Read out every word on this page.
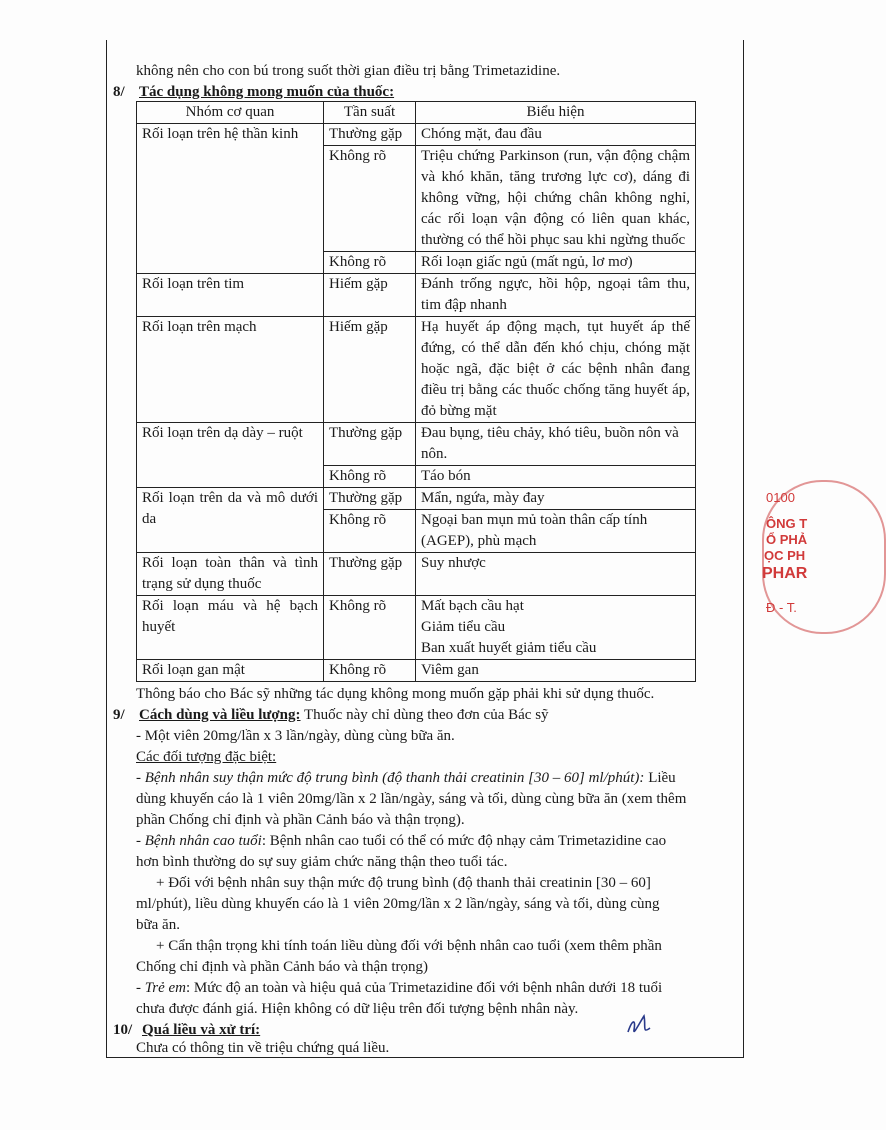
không nên cho con bú trong suốt thời gian điều trị bằng Trimetazidine.
8/ Tác dụng không mong muốn của thuốc:
Nhóm cơ quan	Tần suất	Biểu hiện
Rối loạn trên hệ thần kinh	Thường gặp	Chóng mặt, đau đầu
	Không rõ	Triệu chứng Parkinson (run, vận động chậm và khó khăn, tăng trương lực cơ), dáng đi không vững, hội chứng chân không nghỉ, các rối loạn vận động có liên quan khác, thường có thể hồi phục sau khi ngừng thuốc
	Không rõ	Rối loạn giấc ngủ (mất ngủ, lơ mơ)
Rối loạn trên tim	Hiếm gặp	Đánh trống ngực, hồi hộp, ngoại tâm thu, tim đập nhanh
Rối loạn trên mạch	Hiếm gặp	Hạ huyết áp động mạch, tụt huyết áp thế đứng, có thể dẫn đến khó chịu, chóng mặt hoặc ngã, đặc biệt ở các bệnh nhân đang điều trị bằng các thuốc chống tăng huyết áp, đỏ bừng mặt
Rối loạn trên dạ dày – ruột	Thường gặp	Đau bụng, tiêu chảy, khó tiêu, buồn nôn và nôn.
	Không rõ	Táo bón
Rối loạn trên da và mô dưới da	Thường gặp	Mẩn, ngứa, mày đay
	Không rõ	Ngoại ban mụn mủ toàn thân cấp tính (AGEP), phù mạch
Rối loạn toàn thân và tình trạng sử dụng thuốc	Thường gặp	Suy nhược
Rối loạn máu và hệ bạch huyết	Không rõ	Mất bạch cầu hạt
Giảm tiểu cầu
Ban xuất huyết giảm tiểu cầu

Rối loạn gan mật	Không rõ	Viêm gan
Thông báo cho Bác sỹ những tác dụng không mong muốn gặp phải khi sử dụng thuốc.
9/ Cách dùng và liều lượng: Thuốc này chỉ dùng theo đơn của Bác sỹ
- Một viên 20mg/lần x 3 lần/ngày, dùng cùng bữa ăn.
Các đối tượng đặc biệt:
- Bệnh nhân suy thận mức độ trung bình (độ thanh thải creatinin [30 – 60] ml/phút): Liều
dùng khuyến cáo là 1 viên 20mg/lần x 2 lần/ngày, sáng và tối, dùng cùng bữa ăn (xem thêm
phần Chống chỉ định và phần Cảnh báo và thận trọng).
- Bệnh nhân cao tuổi: Bệnh nhân cao tuổi có thể có mức độ nhạy cảm Trimetazidine cao
hơn bình thường do sự suy giảm chức năng thận theo tuổi tác.
+ Đối với bệnh nhân suy thận mức độ trung bình (độ thanh thải creatinin [30 – 60]
ml/phút), liều dùng khuyến cáo là 1 viên 20mg/lần x 2 lần/ngày, sáng và tối, dùng cùng
bữa ăn.
+ Cẩn thận trọng khi tính toán liều dùng đối với bệnh nhân cao tuổi (xem thêm phần
Chống chỉ định và phần Cảnh báo và thận trọng)
- Trẻ em: Mức độ an toàn và hiệu quả của Trimetazidine đối với bệnh nhân dưới 18 tuổi
chưa được đánh giá. Hiện không có dữ liệu trên đối tượng bệnh nhân này.
10/ Quá liều và xử trí:
Chưa có thông tin về triệu chứng quá liều.
0100
ÔNG T
Ổ PHẢ
ỌC PH
PHAR
Ð - T.
